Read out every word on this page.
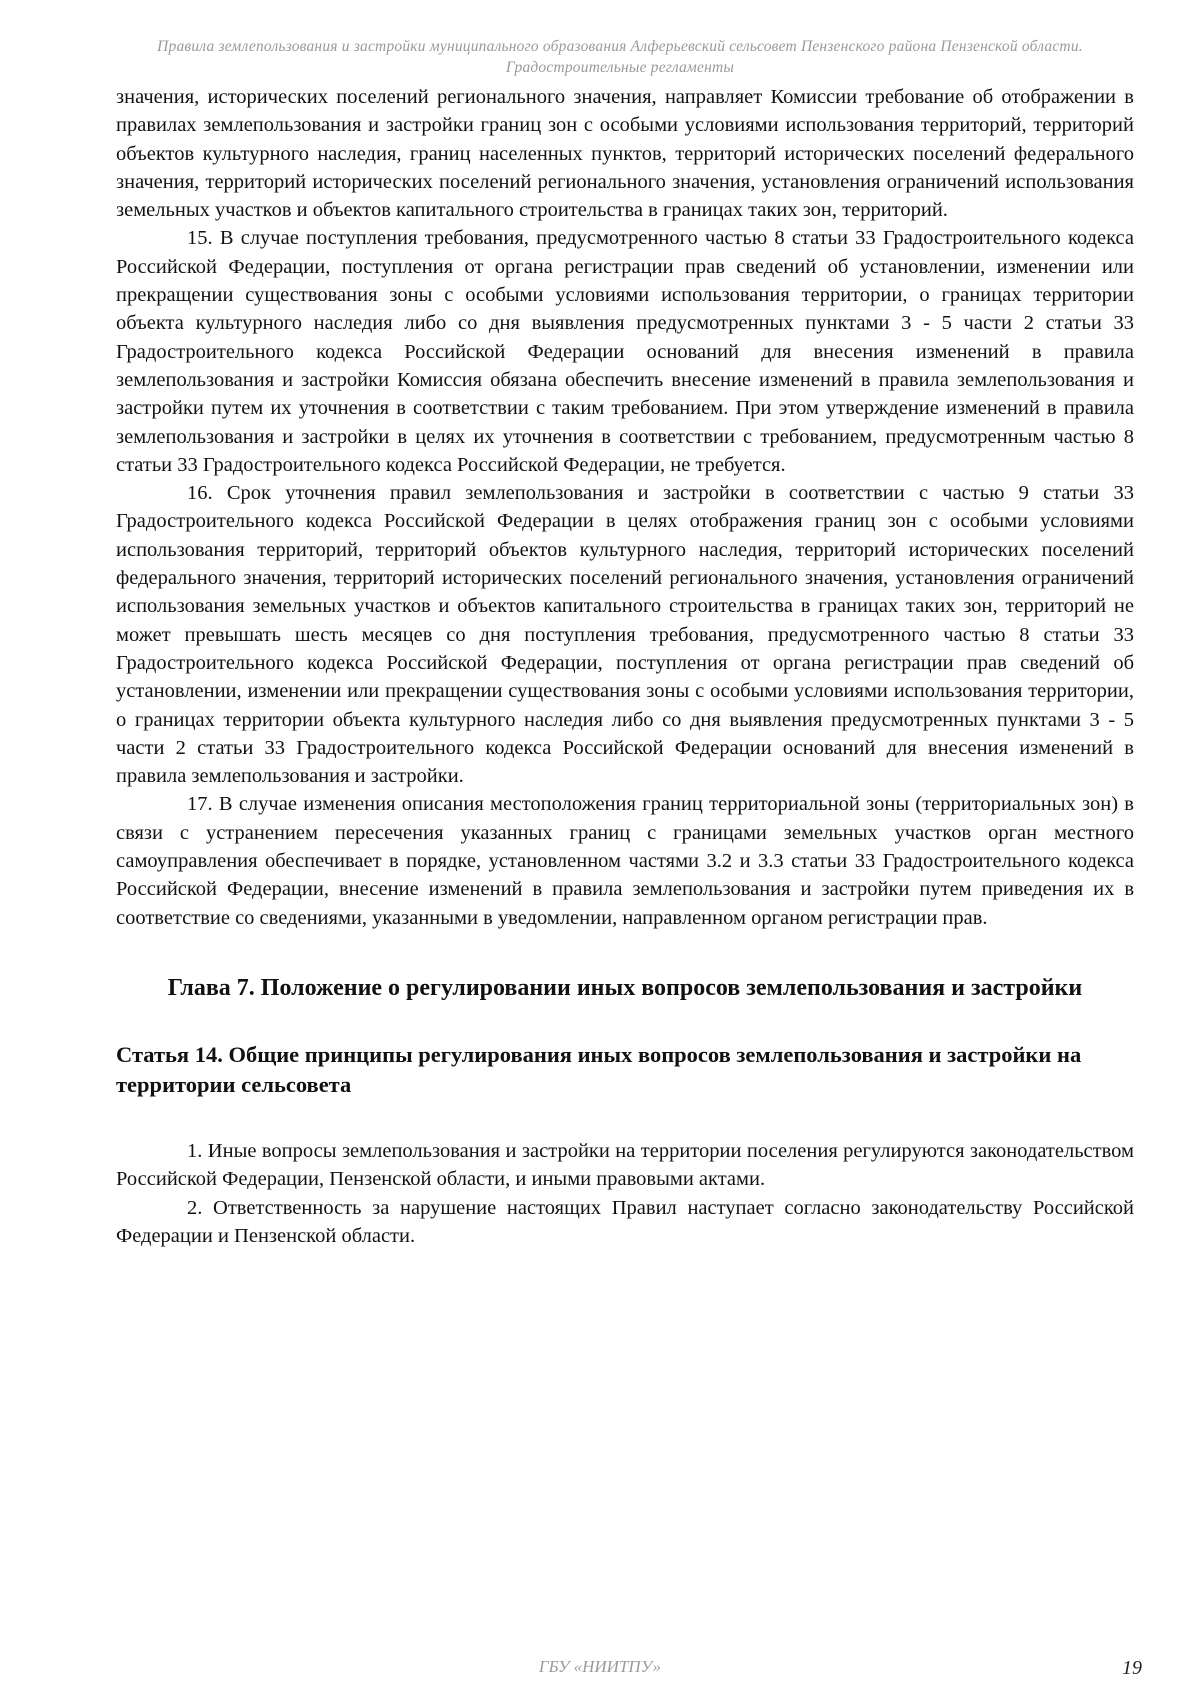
Правила землепользования и застройки муниципального образования Алферьевский сельсовет Пензенского района Пензенской области. Градостроительные регламенты

значения, исторических поселений регионального значения, направляет Комиссии требование об отображении в правилах землепользования и застройки границ зон с особыми условиями использования территорий, территорий объектов культурного наследия, границ населенных пунктов, территорий исторических поселений федерального значения, территорий исторических поселений регионального значения, установления ограничений использования земельных участков и объектов капитального строительства в границах таких зон, территорий.

15. В случае поступления требования, предусмотренного частью 8 статьи 33 Градостроительного кодекса Российской Федерации, поступления от органа регистрации прав сведений об установлении, изменении или прекращении существования зоны с особыми условиями использования территории, о границах территории объекта культурного наследия либо со дня выявления предусмотренных пунктами 3 - 5 части 2 статьи 33 Градостроительного кодекса Российской Федерации оснований для внесения изменений в правила землепользования и застройки Комиссия обязана обеспечить внесение изменений в правила землепользования и застройки путем их уточнения в соответствии с таким требованием. При этом утверждение изменений в правила землепользования и застройки в целях их уточнения в соответствии с требованием, предусмотренным частью 8 статьи 33 Градостроительного кодекса Российской Федерации, не требуется.

16. Срок уточнения правил землепользования и застройки в соответствии с частью 9 статьи 33 Градостроительного кодекса Российской Федерации в целях отображения границ зон с особыми условиями использования территорий, территорий объектов культурного наследия, территорий исторических поселений федерального значения, территорий исторических поселений регионального значения, установления ограничений использования земельных участков и объектов капитального строительства в границах таких зон, территорий не может превышать шесть месяцев со дня поступления требования, предусмотренного частью 8 статьи 33 Градостроительного кодекса Российской Федерации, поступления от органа регистрации прав сведений об установлении, изменении или прекращении существования зоны с особыми условиями использования территории, о границах территории объекта культурного наследия либо со дня выявления предусмотренных пунктами 3 - 5 части 2 статьи 33 Градостроительного кодекса Российской Федерации оснований для внесения изменений в правила землепользования и застройки.

17. В случае изменения описания местоположения границ территориальной зоны (территориальных зон) в связи с устранением пересечения указанных границ с границами земельных участков орган местного самоуправления обеспечивает в порядке, установленном частями 3.2 и 3.3 статьи 33 Градостроительного кодекса Российской Федерации, внесение изменений в правила землепользования и застройки путем приведения их в соответствие со сведениями, указанными в уведомлении, направленном органом регистрации прав.

Глава 7. Положение о регулировании иных вопросов землепользования и застройки
Статья 14. Общие принципы регулирования иных вопросов землепользования и застройки на территории сельсовета

1. Иные вопросы землепользования и застройки на территории поселения регулируются законодательством Российской Федерации, Пензенской области, и иными правовыми актами.

2. Ответственность за нарушение настоящих Правил наступает согласно законодательству Российской Федерации и Пензенской области.

ГБУ «НИИТПУ»	19
